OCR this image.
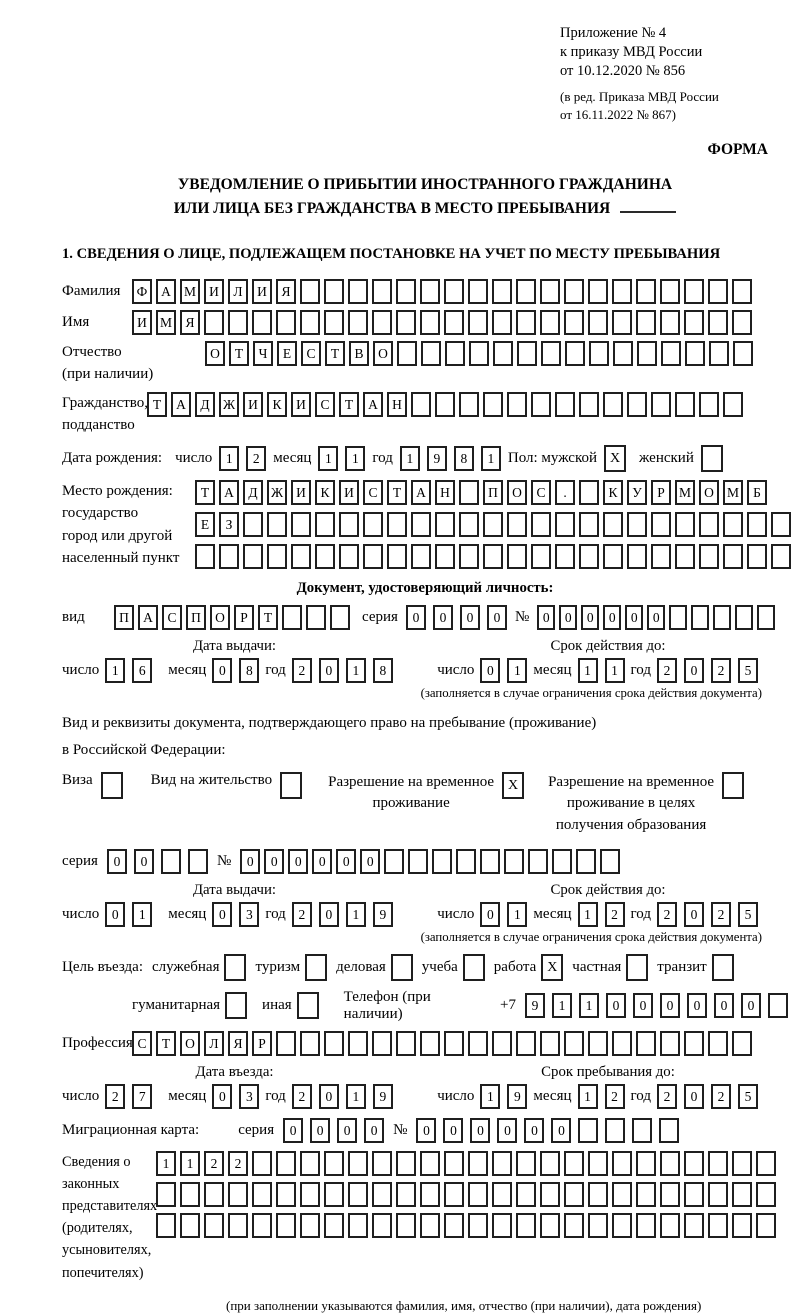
Приложение № 4
к приказу МВД России
от 10.12.2020 № 856
(в ред. Приказа МВД России
от 16.11.2022 № 867)
ФОРМА
УВЕДОМЛЕНИЕ О ПРИБЫТИИ ИНОСТРАННОГО ГРАЖДАНИНА
ИЛИ ЛИЦА БЕЗ ГРАЖДАНСТВА В МЕСТО ПРЕБЫВАНИЯ
1. СВЕДЕНИЯ О ЛИЦЕ, ПОДЛЕЖАЩЕМ ПОСТАНОВКЕ НА УЧЕТ ПО МЕСТУ ПРЕБЫВАНИЯ
Фамилия	Ф	А М И	Л	И	Я
Имя	И М Я
Отчество
(при наличии)
О	Т	Ч	Е	С	Т	В	О
Гражданство,
подданство
Т	А	Д Ж И	К	И	С	Т	А	Н
Дата рождения: число	1	2 месяц	1	1 год	1	9	8	1 Пол: мужской X	женский
Место рождения:
государство
город или другой
населенный пункт
Т	А	Д Ж И	К	И	С	Т	А	Н	П	О	С	.	К	У	Р	М О М	Б
Е	З
Документ, удостоверяющий личность:
вид	П	А	С	П	О	Р	Т	серия	0	0	0	0 №	0	0	0	0	0	0
Дата выдачи:	Срок действия до:
число 1	6	месяц 0	8 год 2	0	1	8	число 0	1 месяц 1	1 год 2	0	2	5
(заполняется в случае ограничения срока действия документа)
Вид и реквизиты документа, подтверждающего право на пребывание (проживание)
в Российской Федерации:
Виза	Вид на жительство	Разрешение на временное
проживание
X	Разрешение на временное
проживание в целях
получения образования
серия	0	0	№	0	0	0	0	0	0
Дата выдачи:	Срок действия до:
число 0	1	месяц 0	3 год 2	0	1	9	число 0	1 месяц 1	2 год 2	0	2	5
(заполняется в случае ограничения срока действия документа)
Цель въезда: служебная туризм деловая учеба работа X частная транзит
гуманитарная	иная
Телефон (при наличии)
+7	9	1	1	0	0	0	0	0	0
Профессия С	Т	О	Л	Я	Р
Дата въезда:	Срок пребывания до:
число 2	7	месяц 0	3 год 2	0	1	9	число 1	9 месяц 1	2 год 2	0	2	5
Миграционная карта:	серия	0	0	0	0	№	0	0	0	0	0	0
Сведения о
законных
представителях
(родителях,
усыновителях,
попечителях)
1	1	2	2
(при заполнении указываются фамилия, имя, отчество (при наличии), дата рождения)
